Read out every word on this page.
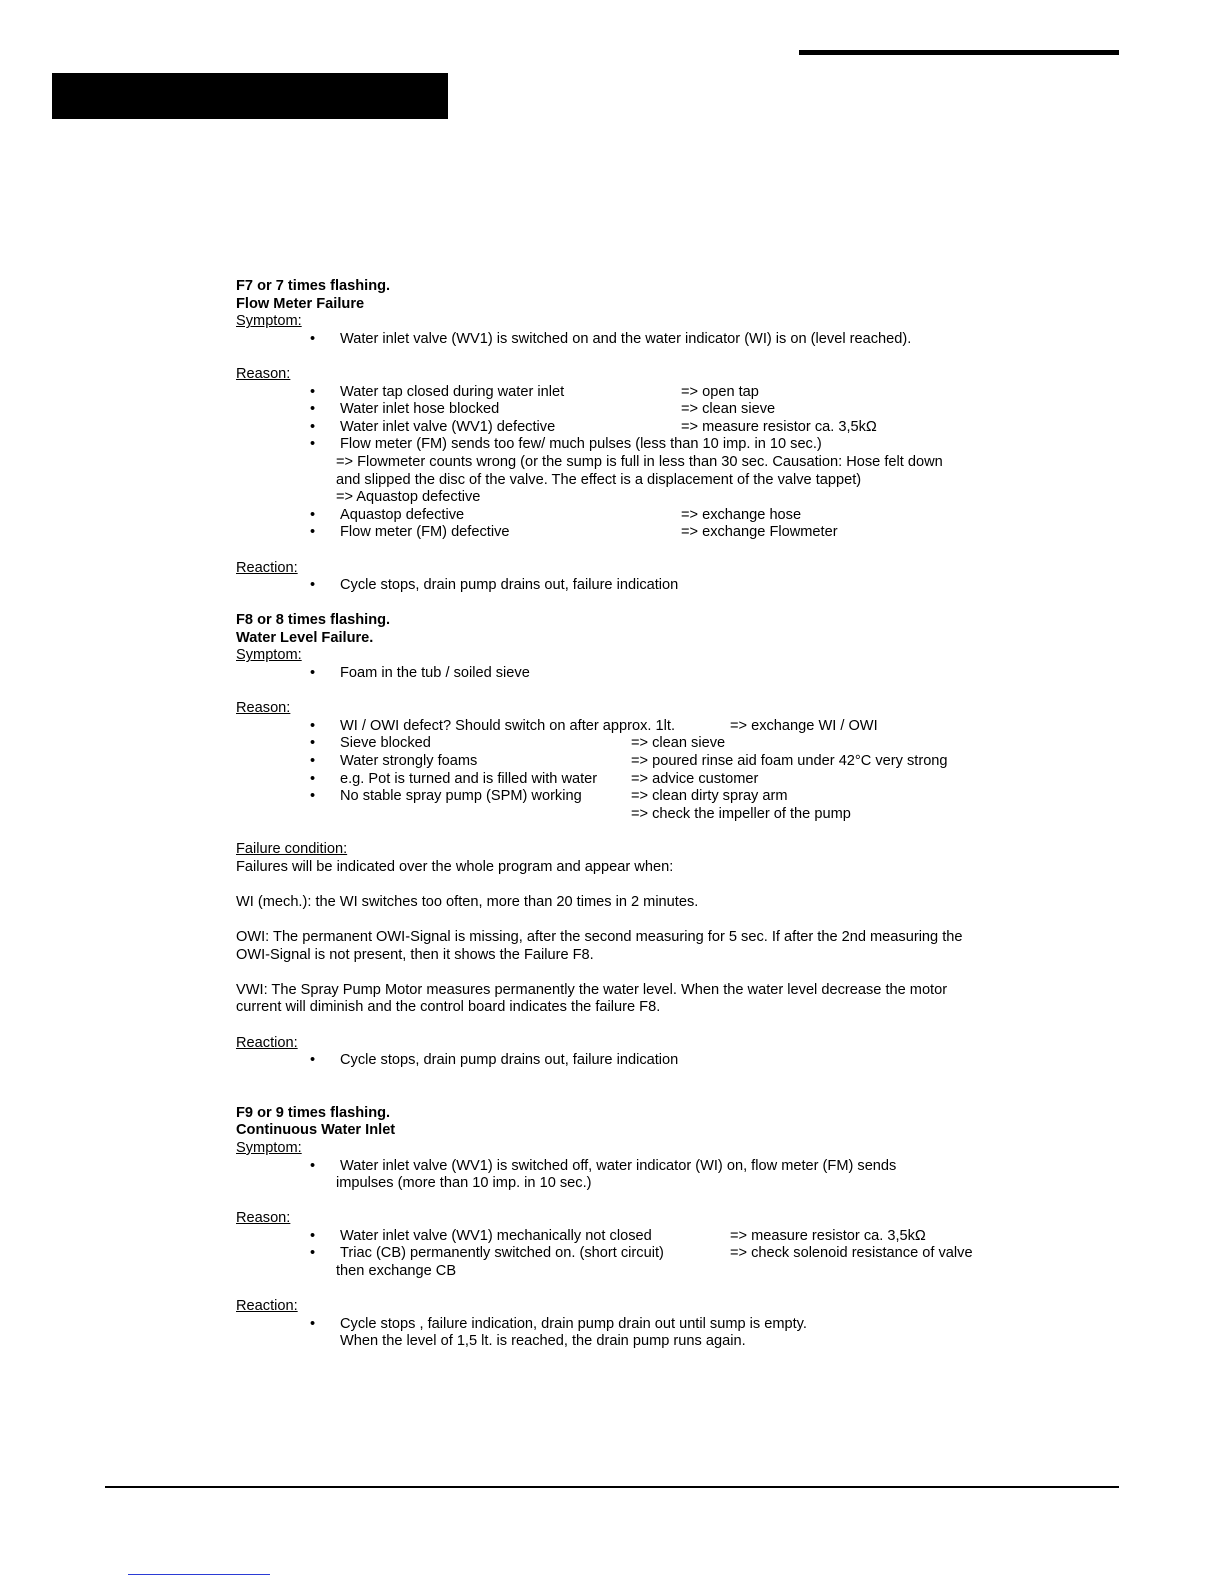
F7 or 7 times flashing.
Flow Meter Failure
Symptom:
• Water inlet valve (WV1) is switched on and the water indicator (WI) is on (level reached).
Reason:
• Water tap closed during water inlet	=> open tap
• Water inlet hose blocked	=> clean sieve
• Water inlet valve (WV1) defective	=> measure resistor ca. 3,5kΩ
• Flow meter (FM) sends too few/ much pulses (less than 10 imp. in 10 sec.)
=> Flowmeter counts wrong (or the sump is full in less than 30 sec. Causation: Hose felt down
and slipped the disc of the valve. The effect is a displacement of the valve tappet)
=> Aquastop defective
• Aquastop defective	=> exchange hose
• Flow meter (FM) defective	=> exchange Flowmeter
Reaction:
• Cycle stops, drain pump drains out, failure indication
F8 or 8 times flashing.
Water Level Failure.
Symptom:
• Foam in the tub / soiled sieve
Reason:
• WI / OWI defect? Should switch on after approx. 1lt.	=> exchange WI / OWI
• Sieve blocked	=> clean sieve
• Water strongly foams	=> poured rinse aid foam under 42°C very strong
• e.g. Pot is turned and is filled with water => advice customer
• No stable spray pump (SPM) working	=> clean dirty spray arm
=> check the impeller of the pump
Failure condition:
Failures will be indicated over the whole program and appear when:
WI (mech.): the WI switches too often, more than 20 times in 2 minutes.
OWI: The permanent OWI-Signal is missing, after the second measuring for 5 sec. If after the 2nd measuring the OWI-Signal is not present, then it shows the Failure F8.
VWI: The Spray Pump Motor measures permanently the water level. When the water level decrease the motor current will diminish and the control board indicates the failure F8.
Reaction:
• Cycle stops, drain pump drains out, failure indication
F9 or 9 times flashing.
Continuous Water Inlet
Symptom:
• Water inlet valve (WV1) is switched off, water indicator (WI) on, flow meter (FM) sends
impulses (more than 10 imp. in 10 sec.)
Reason:
• Water inlet valve (WV1) mechanically not closed	=> measure resistor ca. 3,5kΩ
• Triac (CB) permanently switched on. (short circuit)	=> check solenoid resistance of valve
then exchange CB
Reaction:
• Cycle stops , failure indication, drain pump drain out until sump is empty.
When the level of 1,5 lt. is reached, the drain pump runs again.
